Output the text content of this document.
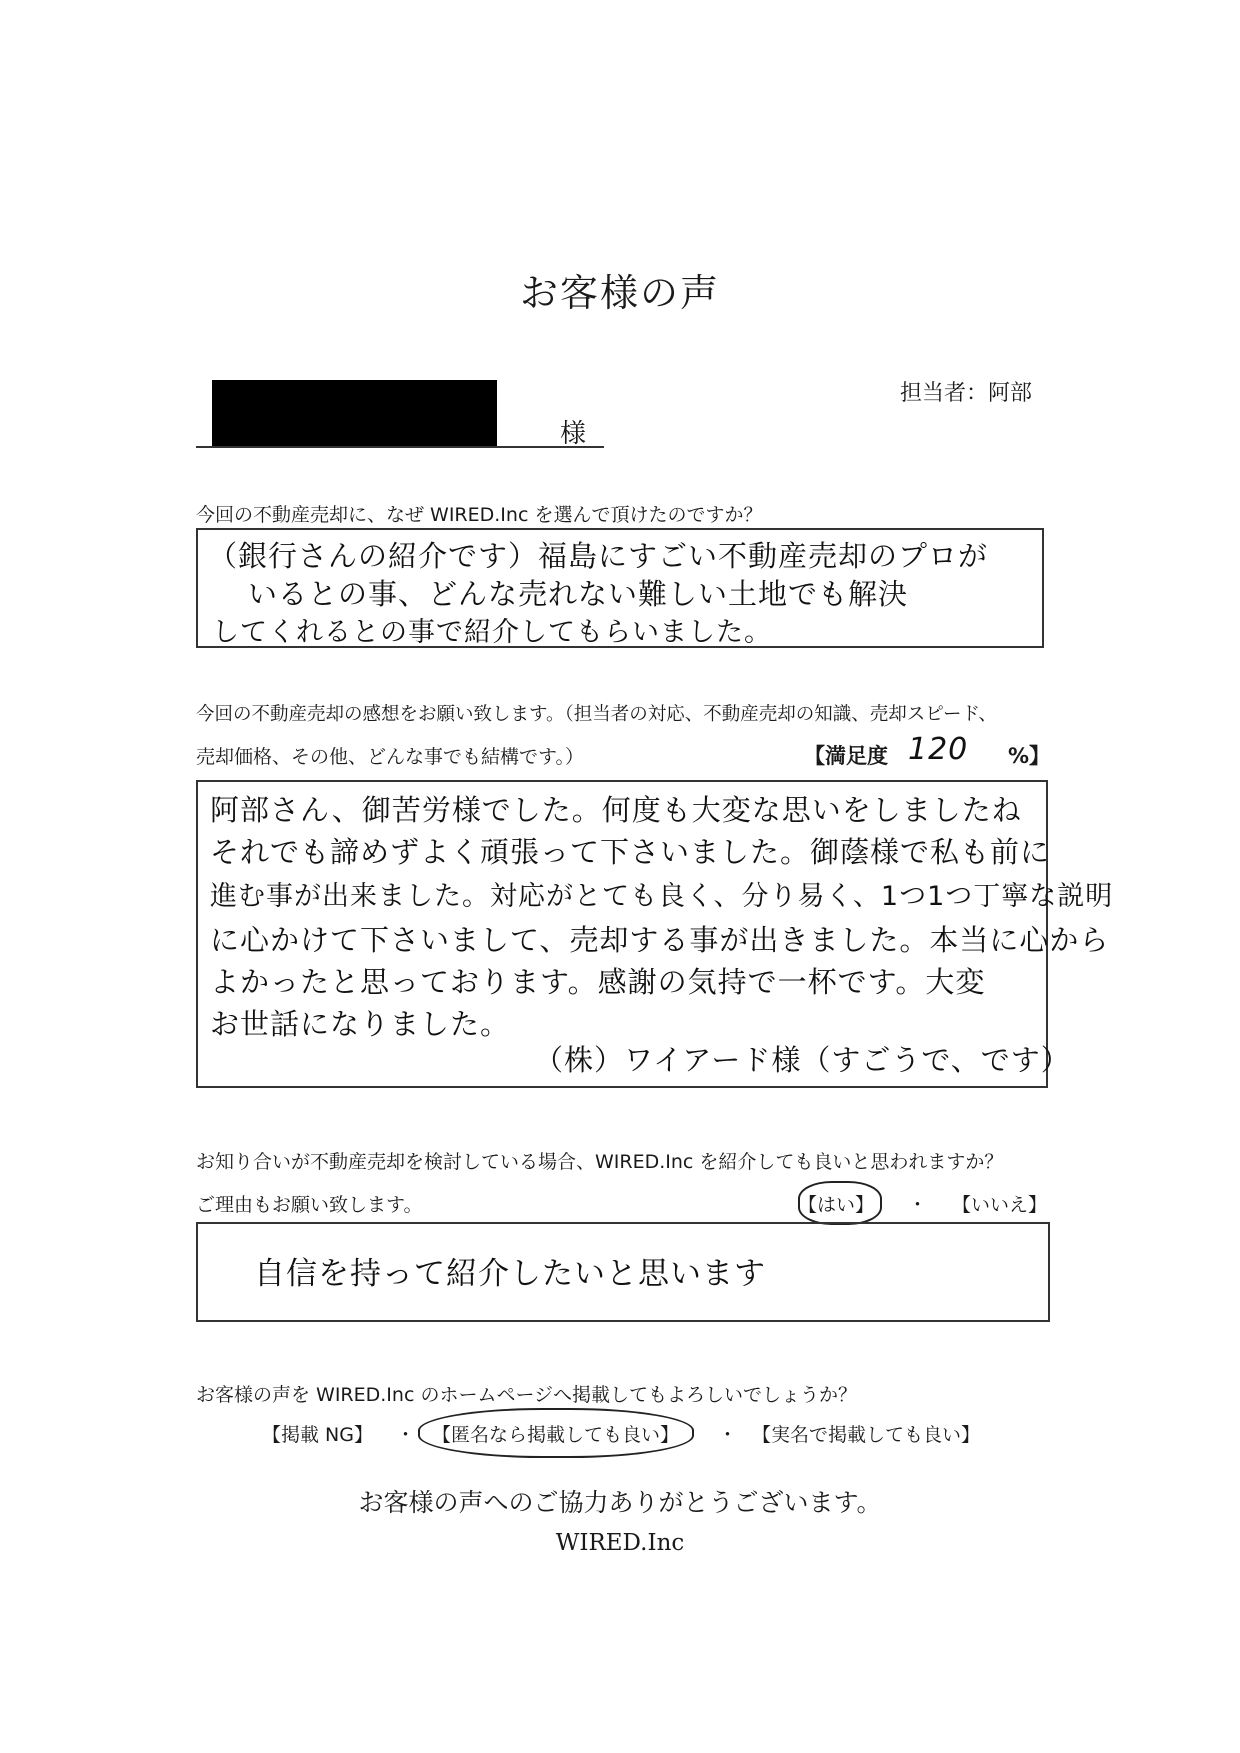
お客様の声
担当者：阿部
様
今回の不動産売却に、なぜ WIRED.Inc を選んで頂けたのですか？
（銀行さんの紹介です）福島にすごい不動産売却のプロが
いるとの事、どんな売れない難しい土地でも解決
してくれるとの事で紹介してもらいました。
今回の不動産売却の感想をお願い致します。（担当者の対応、不動産売却の知識、売却スピード、
売却価格、その他、どんな事でも結構です。）	【満足度 120 %】
阿部さん、御苦労様でした。何度も大変な思いをしましたね
それでも諦めずよく頑張って下さいました。御蔭様で私も前に
進む事が出来ました。対応がとても良く、分り易く、1つ1つ丁寧な説明
に心かけて下さいまして、売却する事が出きました。本当に心から
よかったと思っております。感謝の気持で一杯です。大変
お世話になりました。
（株）ワイアード様（すごうで、です）
お知り合いが不動産売却を検討している場合、WIRED.Inc を紹介しても良いと思われますか？
ご理由もお願い致します。	【はい】 ・ 【いいえ】
自信を持って紹介したいと思います
お客様の声を WIRED.Inc のホームページへ掲載してもよろしいでしょうか？
【掲載 NG】 ・ 【匿名なら掲載しても良い】 ・ 【実名で掲載しても良い】
お客様の声へのご協力ありがとうございます。
WIRED.Inc
